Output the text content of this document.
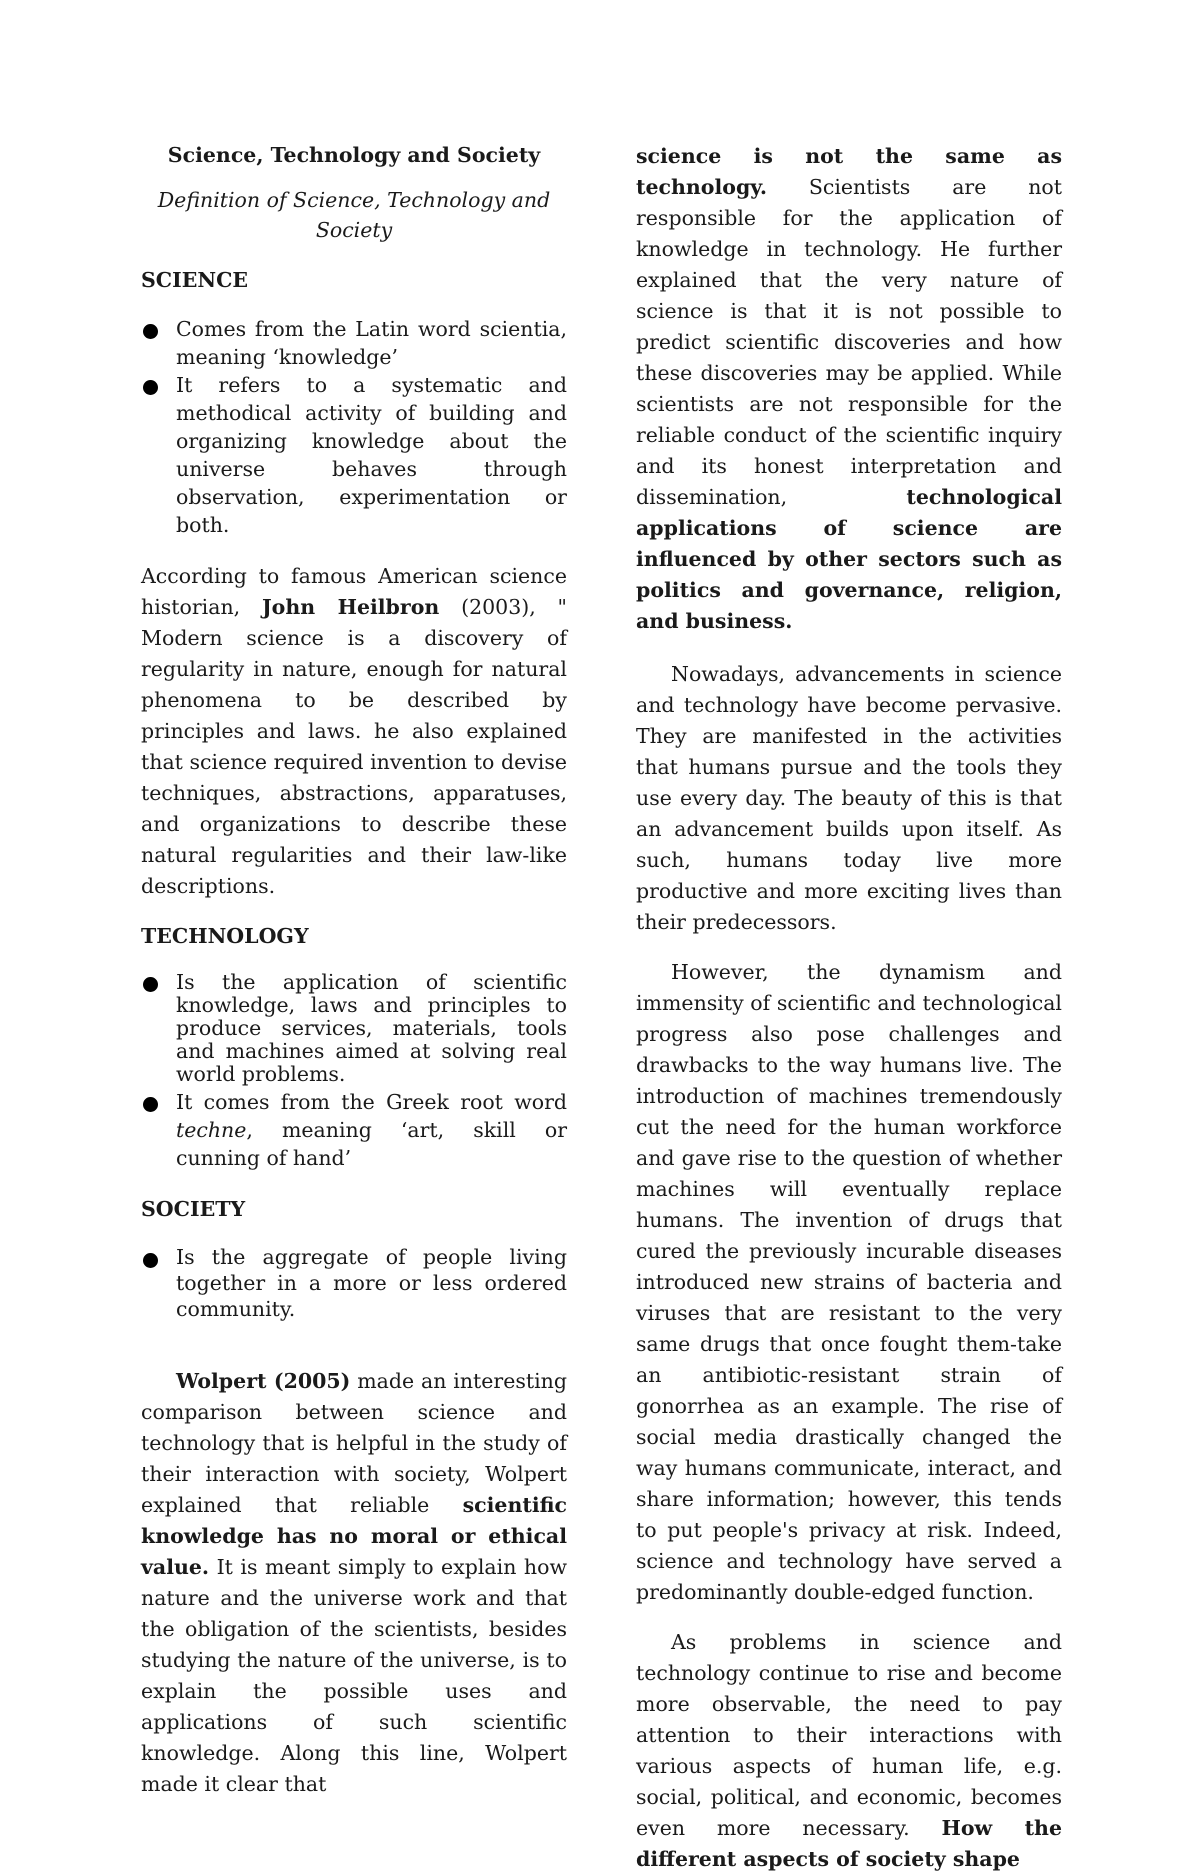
Science, Technology and Society

Definition of Science, Technology and Society

SCIENCE

Comes from the Latin word scientia, meaning ‘knowledge’
It refers to a systematic and methodical activity of building and organizing knowledge about the universe behaves through observation, experimentation or both.

According to famous American science historian, John Heilbron (2003), " Modern science is a discovery of regularity in nature, enough for natural phenomena to be described by principles and laws. he also explained that science required invention to devise techniques, abstractions, apparatuses, and organizations to describe these natural regularities and their law-like descriptions.

TECHNOLOGY

Is the application of scientific knowledge, laws and principles to produce services, materials, tools and machines aimed at solving real world problems.
It comes from the Greek root word techne, meaning ‘art, skill or cunning of hand’

SOCIETY

Is the aggregate of people living together in a more or less ordered community.

Wolpert (2005) made an interesting comparison between science and technology that is helpful in the study of their interaction with society, Wolpert explained that reliable scientific knowledge has no moral or ethical value. It is meant simply to explain how nature and the universe work and that the obligation of the scientists, besides studying the nature of the universe, is to explain the possible uses and applications of such scientific knowledge. Along this line, Wolpert made it clear that

science is not the same as technology. Scientists are not responsible for the application of knowledge in technology. He further explained that the very nature of science is that it is not possible to predict scientific discoveries and how these discoveries may be applied. While scientists are not responsible for the reliable conduct of the scientific inquiry and its honest interpretation and dissemination, technological applications of science are influenced by other sectors such as politics and governance, religion, and business.

Nowadays, advancements in science and technology have become pervasive. They are manifested in the activities that humans pursue and the tools they use every day. The beauty of this is that an advancement builds upon itself. As such, humans today live more productive and more exciting lives than their predecessors.

However, the dynamism and immensity of scientific and technological progress also pose challenges and drawbacks to the way humans live. The introduction of machines tremendously cut the need for the human workforce and gave rise to the question of whether machines will eventually replace humans. The invention of drugs that cured the previously incurable diseases introduced new strains of bacteria and viruses that are resistant to the very same drugs that once fought them-take an antibiotic-resistant strain of gonorrhea as an example. The rise of social media drastically changed the way humans communicate, interact, and share information; however, this tends to put people's privacy at risk. Indeed, science and technology have served a predominantly double-edged function.

As problems in science and technology continue to rise and become more observable, the need to pay attention to their interactions with various aspects of human life, e.g. social, political, and economic, becomes even more necessary. How the different aspects of society shape
